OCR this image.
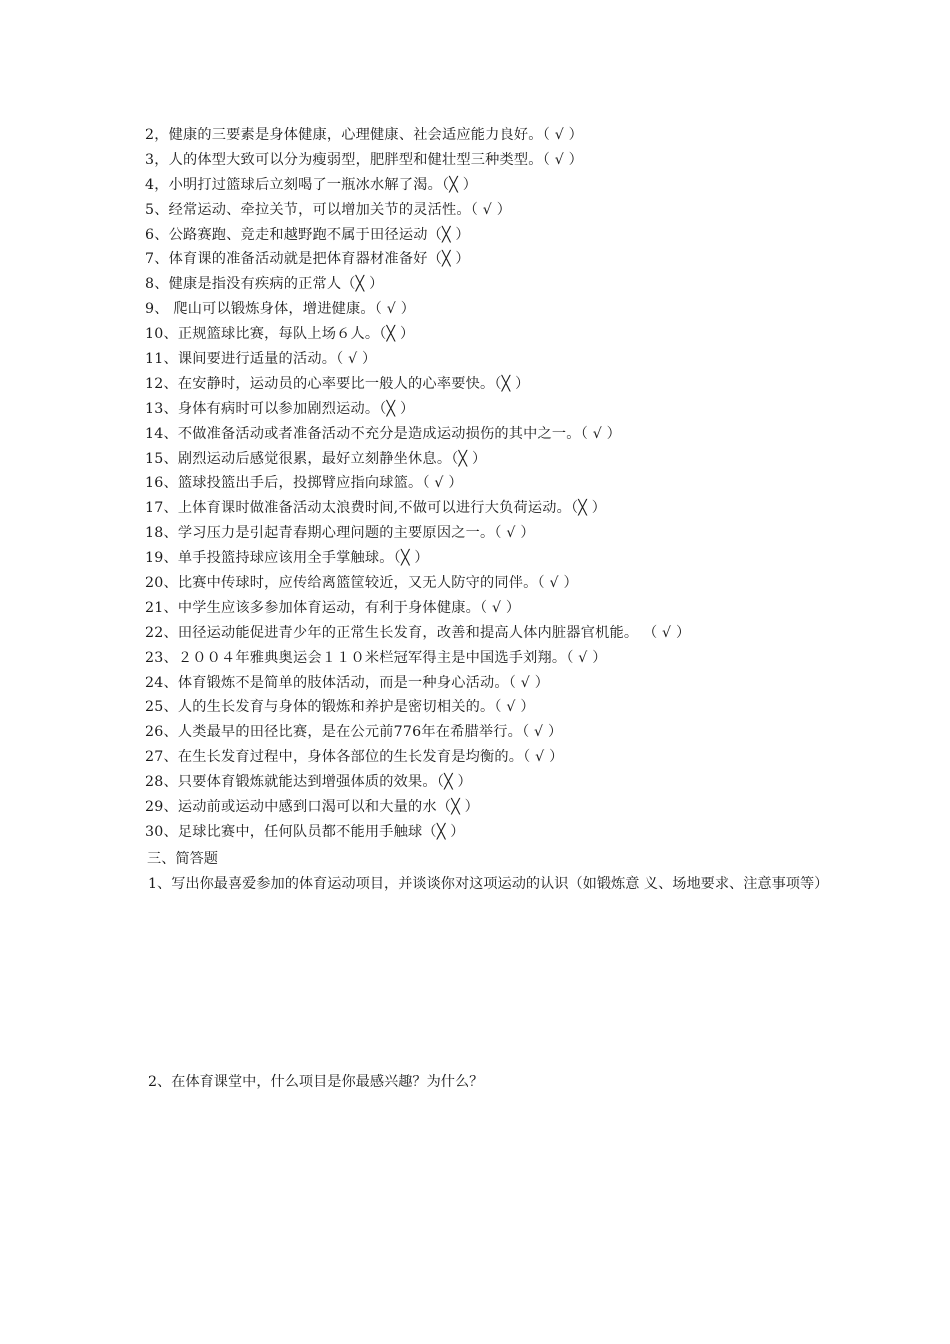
2，健康的三要素是身体健康，心理健康、社会适应能力良好。（ √ ）
3，人的体型大致可以分为瘦弱型，肥胖型和健壮型三种类型。（ √ ）
4，小明打过篮球后立刻喝了一瓶冰水解了渴。（╳ ）
5、经常运动、牵拉关节，可以增加关节的灵活性。（ √ ）
6、公路赛跑、竞走和越野跑不属于田径运动（╳ ）
7、体育课的准备活动就是把体育器材准备好（╳ ）
8、健康是指没有疾病的正常人（╳ ）
9、 爬山可以锻炼身体，增进健康。（ √ ）
10、正规篮球比赛，每队上场６人。（╳ ）
11、课间要进行适量的活动。（ √ ）
12、在安静时，运动员的心率要比一般人的心率要快。（╳ ）
13、身体有病时可以参加剧烈运动。（╳ ）
14、不做准备活动或者准备活动不充分是造成运动损伤的其中之一。（ √ ）
15、剧烈运动后感觉很累，最好立刻静坐休息。（╳ ）
16、篮球投篮出手后，投掷臂应指向球篮。（ √ ）
17、上体育课时做准备活动太浪费时间,不做可以进行大负荷运动。（╳ ）
18、学习压力是引起青春期心理问题的主要原因之一。（ √ ）
19、单手投篮持球应该用全手掌触球。（╳ ）
20、比赛中传球时，应传给离篮筐较近，又无人防守的同伴。（ √ ）
21、中学生应该多参加体育运动，有利于身体健康。（ √ ）
22、田径运动能促进青少年的正常生长发育，改善和提高人体内脏器官机能。 （ √ ）
23、２００４年雅典奥运会１１０米栏冠军得主是中国选手刘翔。（ √ ）
24、体育锻炼不是简单的肢体活动，而是一种身心活动。（ √ ）
25、人的生长发育与身体的锻炼和养护是密切相关的。（ √ ）
26、人类最早的田径比赛，是在公元前776年在希腊举行。（ √ ）
27、在生长发育过程中，身体各部位的生长发育是均衡的。（ √ ）
28、只要体育锻炼就能达到增强体质的效果。（╳ ）
29、运动前或运动中感到口渴可以和大量的水（╳ ）
30、足球比赛中，任何队员都不能用手触球（╳ ）
三、简答题
1、写出你最喜爱参加的体育运动项目，并谈谈你对这项运动的认识（如锻炼意 义、场地要求、注意事项等）
2、在体育课堂中，什么项目是你最感兴趣？为什么？
